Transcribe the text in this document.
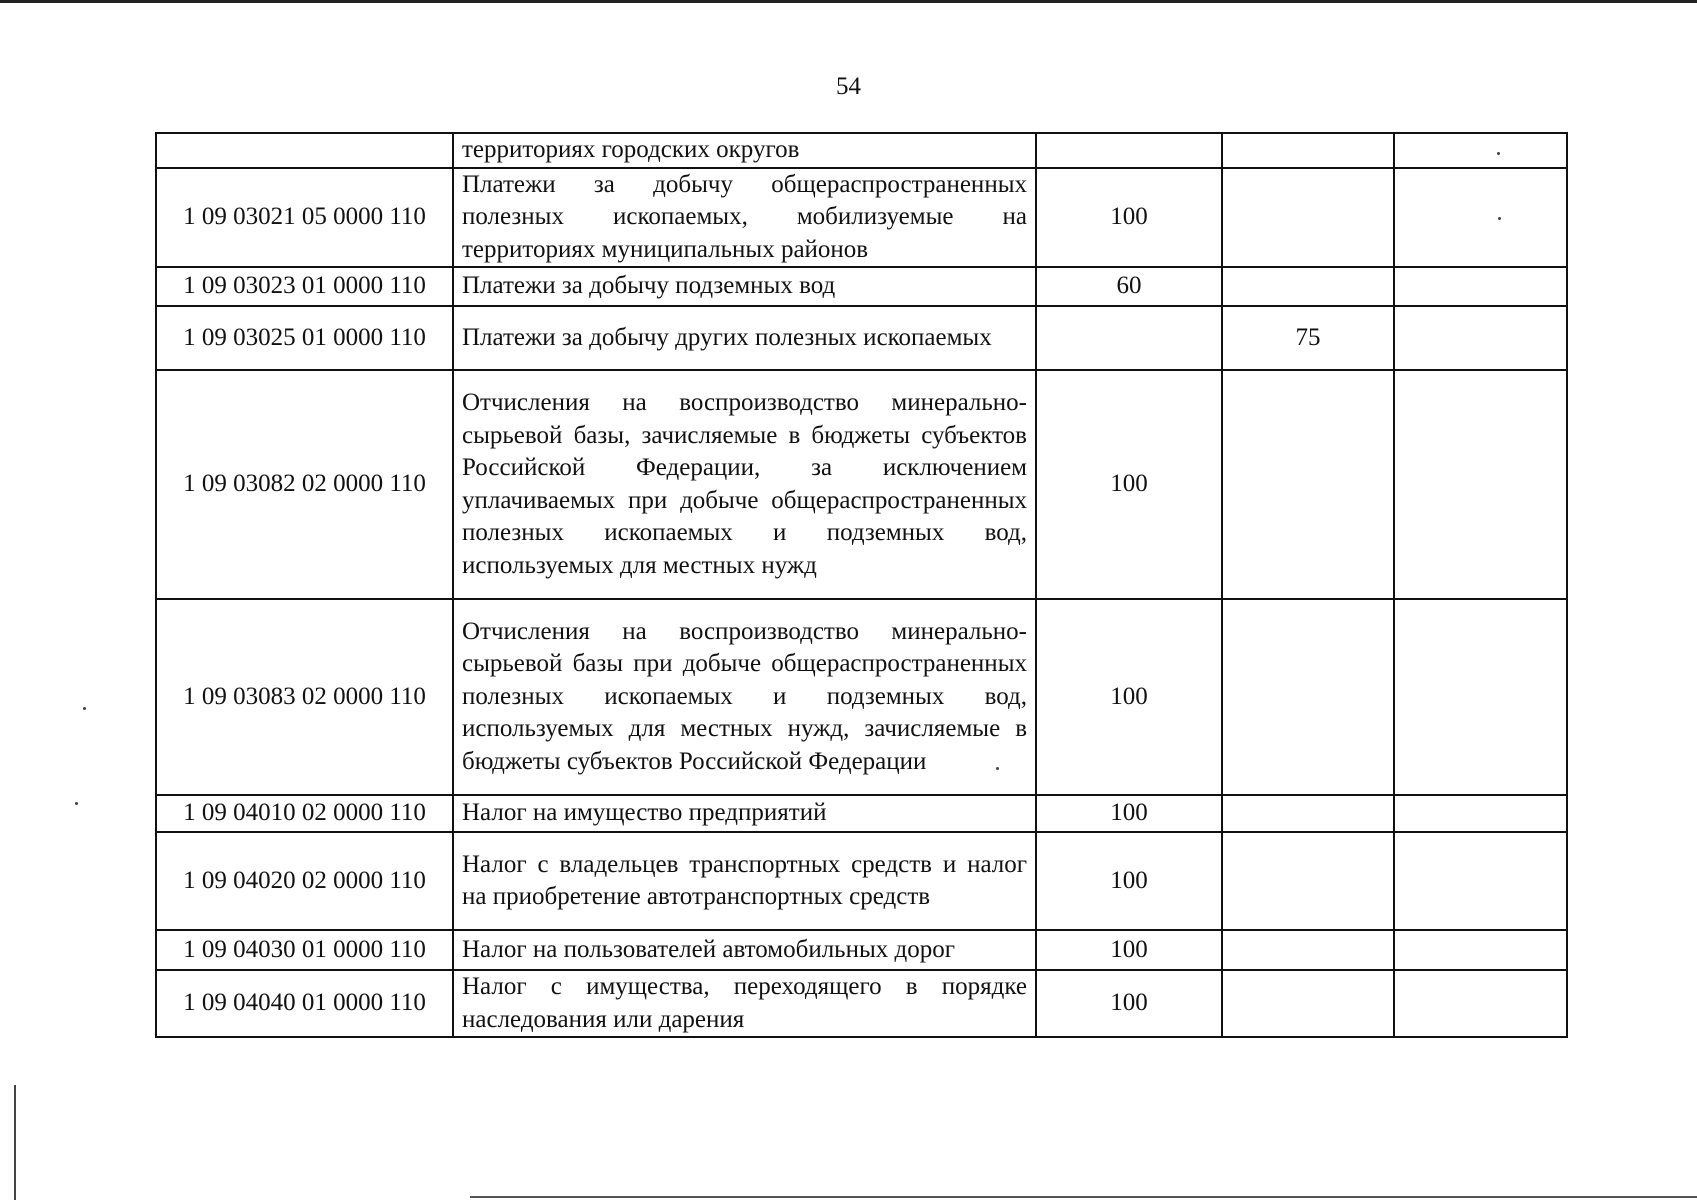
54
	территориях городских округов			
1 09 03021 05 0000 110	Платежи за добычу общераспространенных полезных ископаемых, мобилизуемые на территориях муниципальных районов	100		
1 09 03023 01 0000 110	Платежи за добычу подземных вод	60		
1 09 03025 01 0000 110	Платежи за добычу других полезных ископаемых		75	
1 09 03082 02 0000 110	Отчисления на воспроизводство минерально-сырьевой базы, зачисляемые в бюджеты субъектов Российской Федерации, за исключением уплачиваемых при добыче общераспространенных полезных ископаемых и подземных вод, используемых для местных нужд	100		
1 09 03083 02 0000 110	Отчисления на воспроизводство минерально-сырьевой базы при добыче общераспространенных полезных ископаемых и подземных вод, используемых для местных нужд, зачисляемые в бюджеты субъектов Российской Федерации	100		
1 09 04010 02 0000 110	Налог на имущество предприятий	100		
1 09 04020 02 0000 110	Налог с владельцев транспортных средств и налог на приобретение автотранспортных средств	100		
1 09 04030 01 0000 110	Налог на пользователей автомобильных дорог	100		
1 09 04040 01 0000 110	Налог с имущества, переходящего в порядке наследования или дарения	100		
